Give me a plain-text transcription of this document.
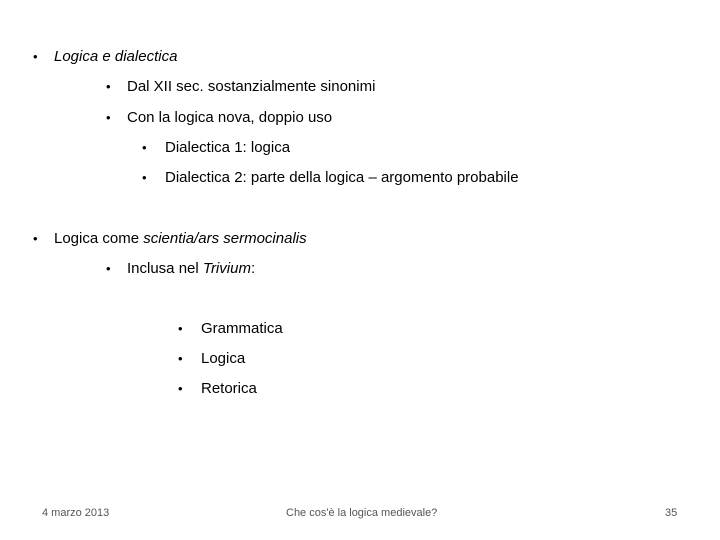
•	Logica e dialectica
•	Dal XII sec. sostanzialmente sinonimi
•	Con la logica nova, doppio uso
•	Dialectica 1: logica
•	Dialectica 2: parte della logica – argomento probabile
•	Logica come scientia/ars sermocinalis
•	Inclusa nel Trivium:
•	Grammatica
•	Logica
•	Retorica
4 marzo 2013	Che cos'è la logica medievale?	35
